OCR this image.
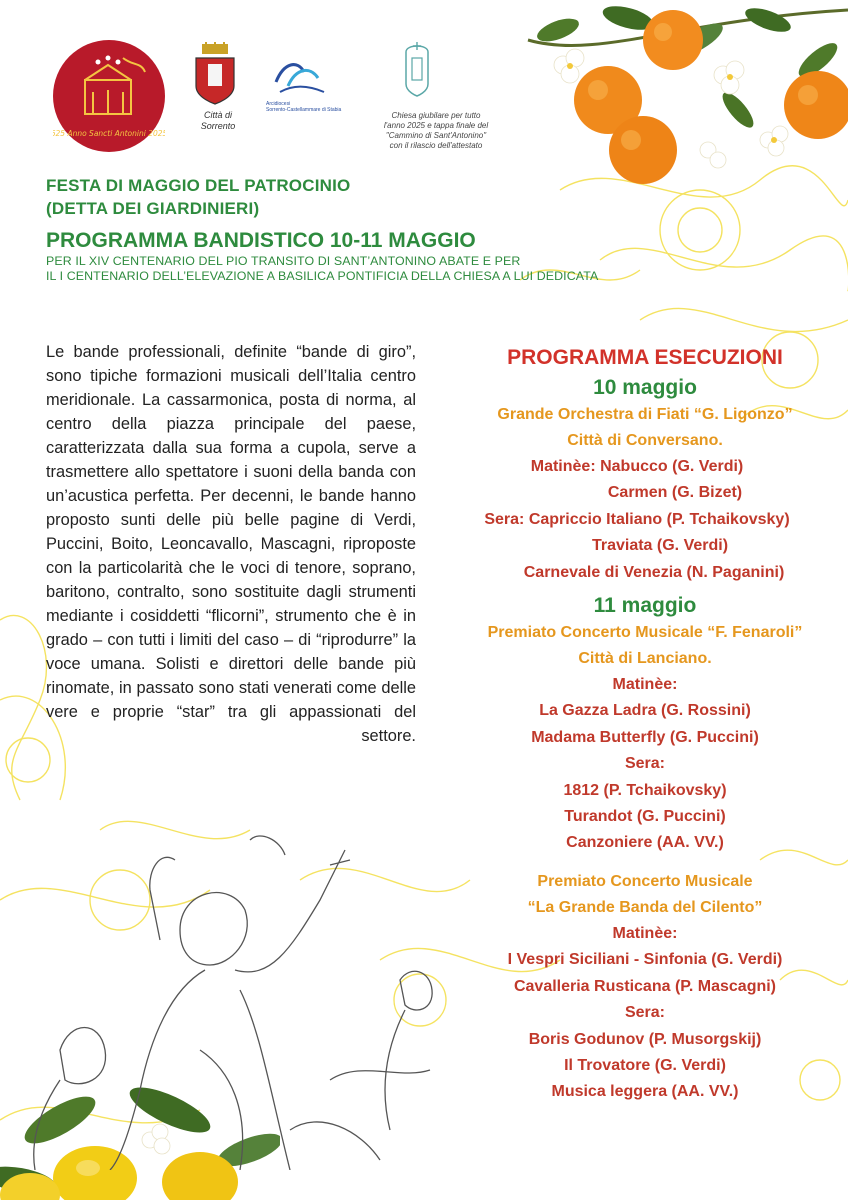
625 Anno Sancti Antonini 2025
Città di
Sorrento
Arcidiocesi
Sorrento-Castellammare di Stabia
Chiesa giubilare per tutto
l'anno 2025 e tappa finale del
"Cammino di Sant'Antonino"
con il rilascio dell'attestato
FESTA DI MAGGIO DEL PATROCINIO
(DETTA DEI GIARDINIERI)
PROGRAMMA BANDISTICO 10-11 MAGGIO
PER IL XIV CENTENARIO DEL PIO TRANSITO DI SANT’ANTONINO ABATE E PER
IL I CENTENARIO DELL’ELEVAZIONE A BASILICA PONTIFICIA DELLA CHIESA A LUI DEDICATA

Le bande professionali, definite “bande di giro”, sono tipiche formazioni musicali dell’Italia centro meridionale. La cassarmonica, posta di norma, al centro della piazza principale del paese, caratterizzata dalla sua forma a cupola, serve a trasmettere allo spettatore i suoni della banda con un’acustica perfetta. Per decenni, le bande hanno proposto sunti delle più belle pagine di Verdi, Puccini, Boito, Leoncavallo, Mascagni, riproposte con la particolarità che le voci di tenore, soprano, baritono, contralto, sono sostituite dagli strumenti mediante i cosiddetti “flicorni”, strumento che è in grado – con tutti i limiti del caso – di “riprodurre” la voce umana. Solisti e direttori delle bande più rinomate, in passato sono stati venerati come delle vere e proprie “star” tra gli appassionati del settore.

PROGRAMMA ESECUZIONI
10 maggio
Grande Orchestra di Fiati “G. Ligonzo”
Città di Conversano.
Matinèe: Nabucco (G. Verdi)
Carmen (G. Bizet)
Sera: Capriccio Italiano (P. Tchaikovsky)
Traviata (G. Verdi)
Carnevale di Venezia (N. Paganini)
11 maggio
Premiato Concerto Musicale “F. Fenaroli”
Città di Lanciano.
Matinèe:
La Gazza Ladra (G. Rossini)
Madama Butterfly (G. Puccini)
Sera:
1812 (P. Tchaikovsky)
Turandot (G. Puccini)
Canzoniere (AA. VV.)
Premiato Concerto Musicale
“La Grande Banda del Cilento”
Matinèe:
I Vespri Siciliani - Sinfonia (G. Verdi)
Cavalleria Rusticana (P. Mascagni)
Sera:
Boris Godunov (P. Musorgskij)
Il Trovatore (G. Verdi)
Musica leggera (AA. VV.)
